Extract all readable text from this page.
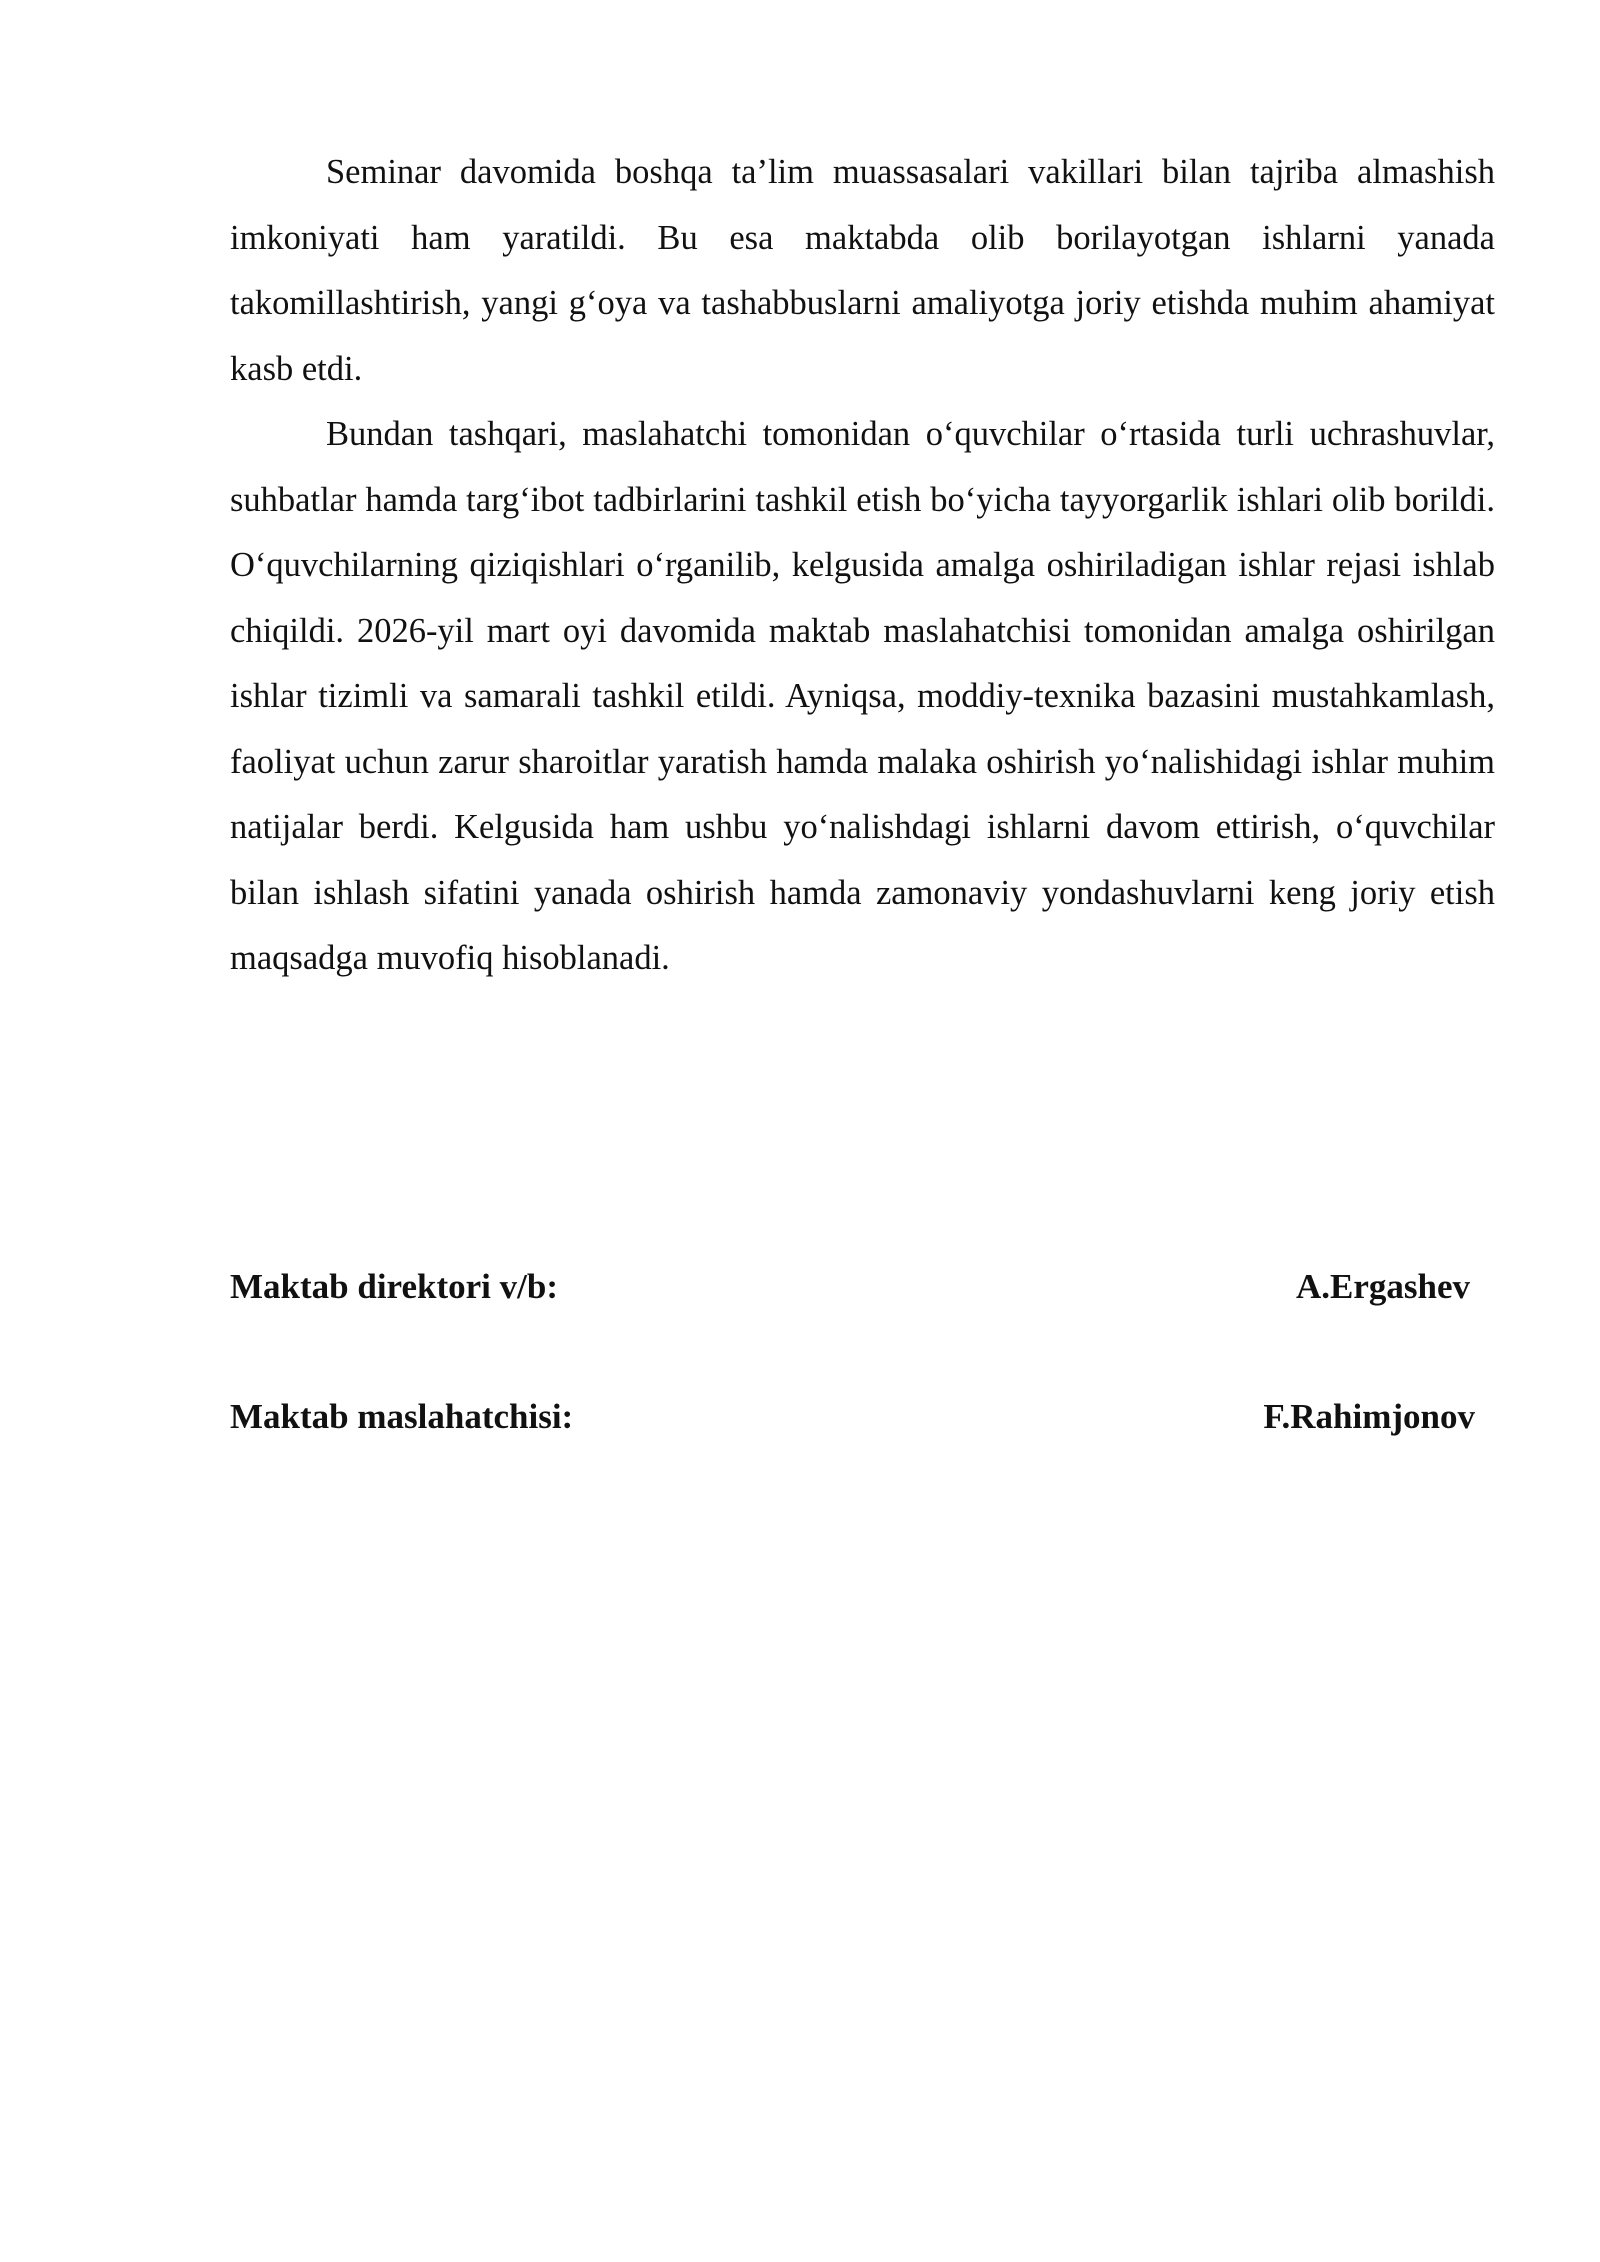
Seminar davomida boshqa ta’lim muassasalari vakillari bilan tajriba almashish imkoniyati ham yaratildi. Bu esa maktabda olib borilayotgan ishlarni yanada takomillashtirish, yangi g‘oya va tashabbuslarni amaliyotga joriy etishda muhim ahamiyat kasb etdi.

Bundan tashqari, maslahatchi tomonidan o‘quvchilar o‘rtasida turli uchrashuvlar, suhbatlar hamda targ‘ibot tadbirlarini tashkil etish bo‘yicha tayyorgarlik ishlari olib borildi. O‘quvchilarning qiziqishlari o‘rganilib, kelgusida amalga oshiriladigan ishlar rejasi ishlab chiqildi. 2026-yil mart oyi davomida maktab maslahatchisi tomonidan amalga oshirilgan ishlar tizimli va samarali tashkil etildi. Ayniqsa, moddiy-texnika bazasini mustahkamlash, faoliyat uchun zarur sharoitlar yaratish hamda malaka oshirish yo‘nalishidagi ishlar muhim natijalar berdi. Kelgusida ham ushbu yo‘nalishdagi ishlarni davom ettirish, o‘quvchilar bilan ishlash sifatini yanada oshirish hamda zamonaviy yondashuvlarni keng joriy etish maqsadga muvofiq hisoblanadi.

Maktab direktori v/b:	A.Ergashev
Maktab maslahatchisi:	F.Rahimjonov
